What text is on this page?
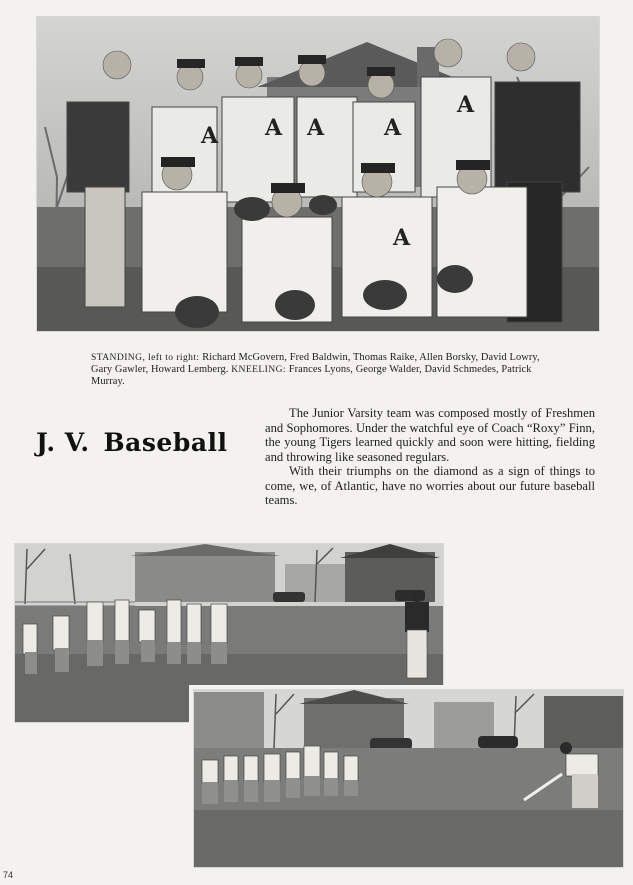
A A A	A
A
A
STANDING, left to right: Richard McGovern, Fred Baldwin, Thomas Raike, Allen Borsky, David Lowry, Gary Gawler, Howard Lemberg. KNEELING: Frances Lyons, George Walder, David Schmedes, Patrick Murray.
J. V. Baseball

The Junior Varsity team was composed mostly of Freshmen and Sophomores. Under the watchful eye of Coach “Roxy” Finn, the young Tigers learned quickly and soon were hitting, fielding and throwing like seasoned regulars.

With their triumphs on the diamond as a sign of things to come, we, of Atlantic, have no worries about our future baseball teams.

74
